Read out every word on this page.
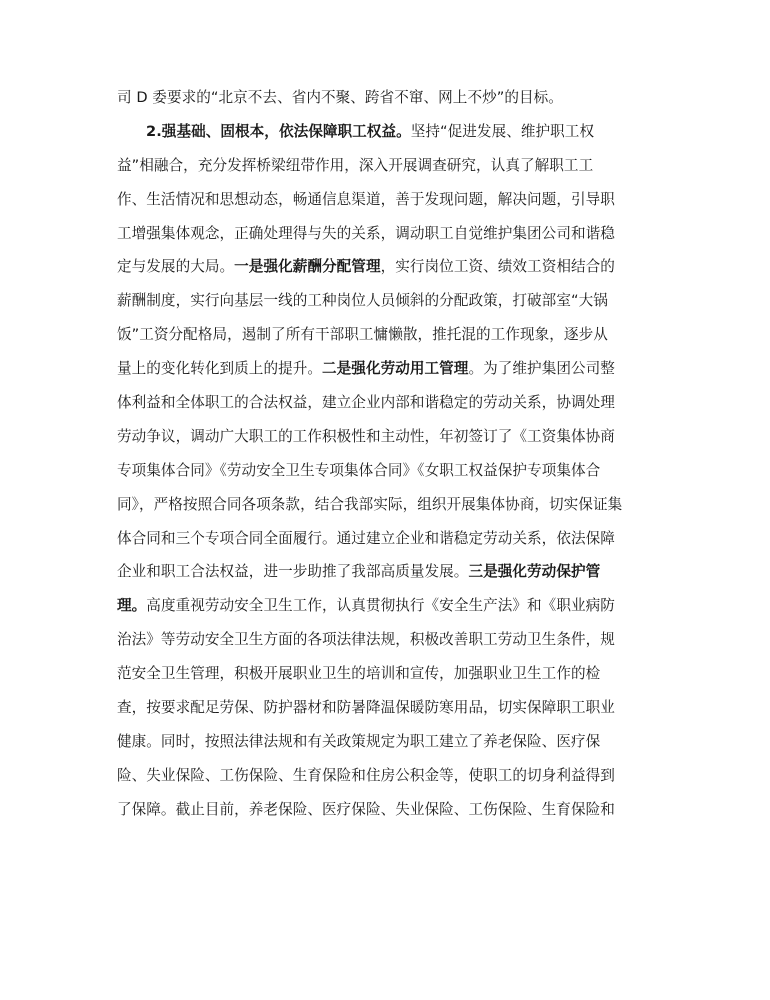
司 D 委要求的“北京不去、省内不聚、跨省不窜、网上不炒”的目标。
2.强基础、固根本，依法保障职工权益。坚持“促进发展、维护职工权
益”相融合，充分发挥桥梁纽带作用，深入开展调查研究，认真了解职工工
作、生活情况和思想动态，畅通信息渠道，善于发现问题，解决问题，引导职
工增强集体观念，正确处理得与失的关系，调动职工自觉维护集团公司和谐稳
定与发展的大局。一是强化薪酬分配管理，实行岗位工资、绩效工资相结合的
薪酬制度，实行向基层一线的工种岗位人员倾斜的分配政策，打破部室“大锅
饭”工资分配格局，遏制了所有干部职工慵懒散，推托混的工作现象，逐步从
量上的变化转化到质上的提升。二是强化劳动用工管理。为了维护集团公司整
体利益和全体职工的合法权益，建立企业内部和谐稳定的劳动关系，协调处理
劳动争议，调动广大职工的工作积极性和主动性，年初签订了《工资集体协商
专项集体合同》《劳动安全卫生专项集体合同》《女职工权益保护专项集体合
同》，严格按照合同各项条款，结合我部实际，组织开展集体协商，切实保证集
体合同和三个专项合同全面履行。通过建立企业和谐稳定劳动关系，依法保障
企业和职工合法权益，进一步助推了我部高质量发展。三是强化劳动保护管
理。高度重视劳动安全卫生工作，认真贯彻执行《安全生产法》和《职业病防
治法》等劳动安全卫生方面的各项法律法规，积极改善职工劳动卫生条件，规
范安全卫生管理，积极开展职业卫生的培训和宣传，加强职业卫生工作的检
查，按要求配足劳保、防护器材和防暑降温保暖防寒用品，切实保障职工职业
健康。同时，按照法律法规和有关政策规定为职工建立了养老保险、医疗保
险、失业保险、工伤保险、生育保险和住房公积金等，使职工的切身利益得到
了保障。截止目前，养老保险、医疗保险、失业保险、工伤保险、生育保险和
